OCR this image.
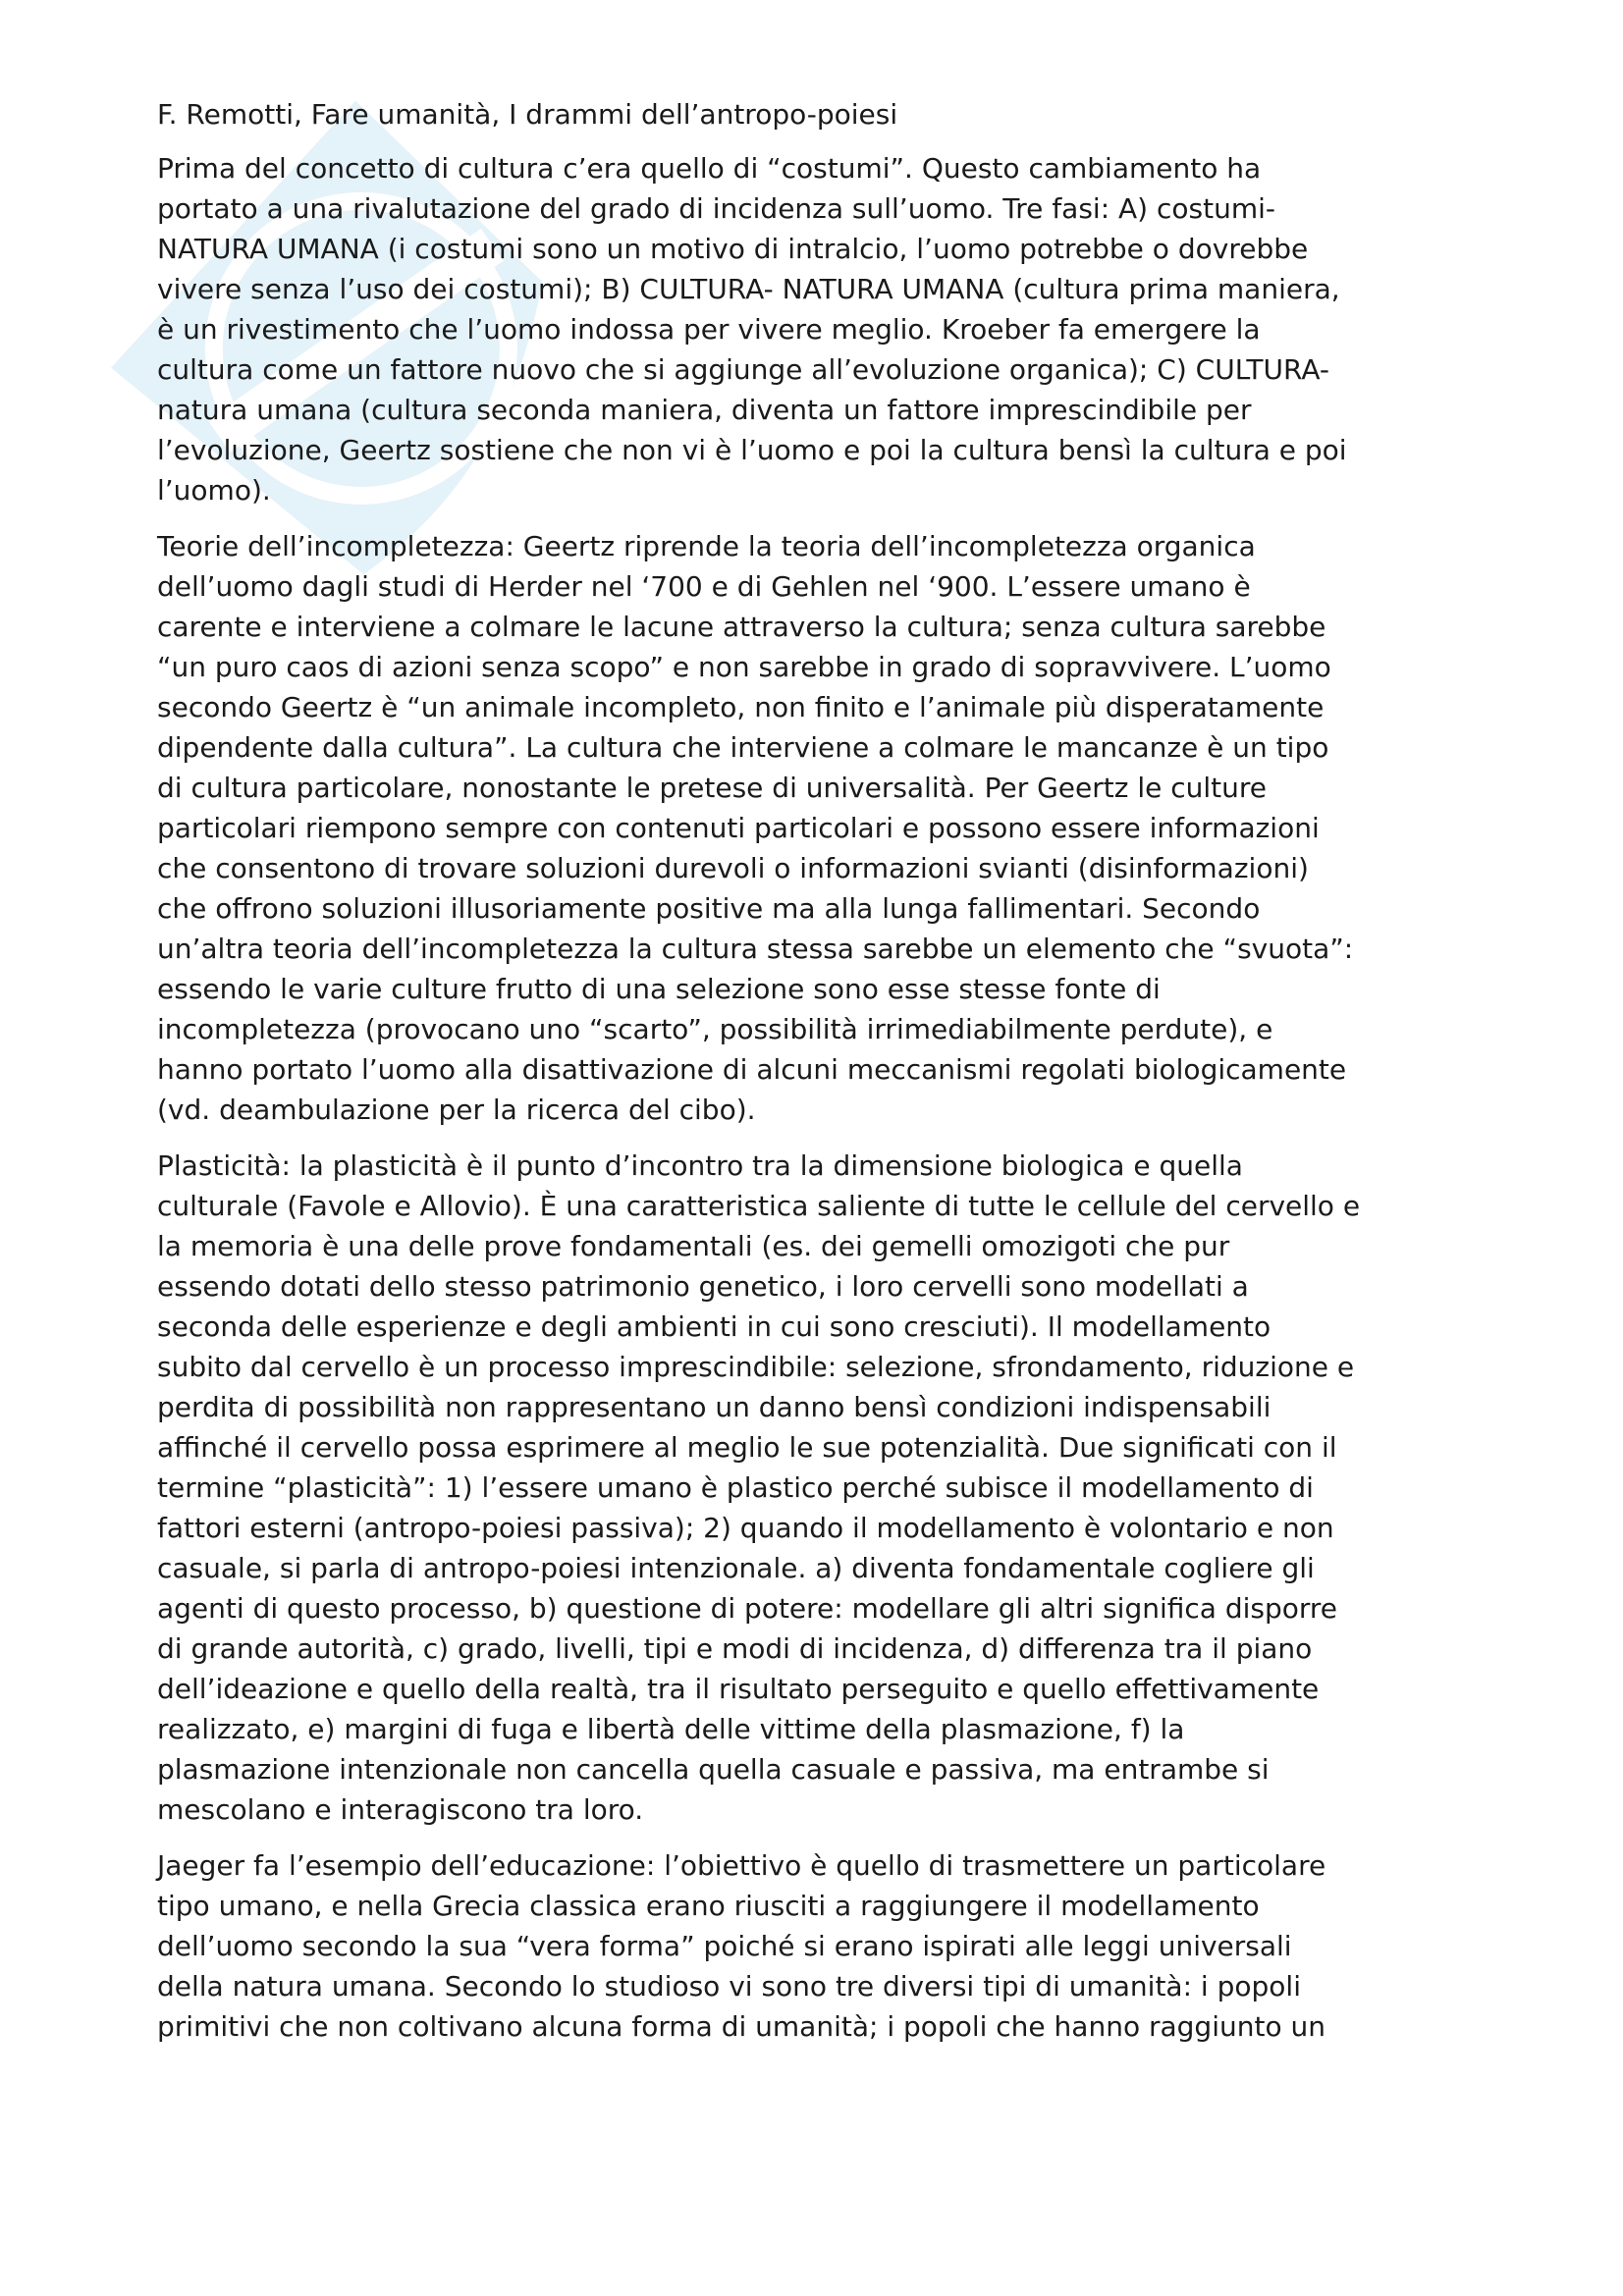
F. Remotti, Fare umanità, I drammi dell’antropo-poiesi

Prima del concetto di cultura c’era quello di “costumi”. Questo cambiamento ha
portato a una rivalutazione del grado di incidenza sull’uomo. Tre fasi: A) costumi-
NATURA UMANA (i costumi sono un motivo di intralcio, l’uomo potrebbe o dovrebbe
vivere senza l’uso dei costumi); B) CULTURA- NATURA UMANA (cultura prima maniera,
è un rivestimento che l’uomo indossa per vivere meglio. Kroeber fa emergere la
cultura come un fattore nuovo che si aggiunge all’evoluzione organica); C) CULTURA-
natura umana (cultura seconda maniera, diventa un fattore imprescindibile per
l’evoluzione, Geertz sostiene che non vi è l’uomo e poi la cultura bensì la cultura e poi
l’uomo).

Teorie dell’incompletezza: Geertz riprende la teoria dell’incompletezza organica
dell’uomo dagli studi di Herder nel ‘700 e di Gehlen nel ‘900. L’essere umano è
carente e interviene a colmare le lacune attraverso la cultura; senza cultura sarebbe
“un puro caos di azioni senza scopo” e non sarebbe in grado di sopravvivere. L’uomo
secondo Geertz è “un animale incompleto, non finito e l’animale più disperatamente
dipendente dalla cultura”. La cultura che interviene a colmare le mancanze è un tipo
di cultura particolare, nonostante le pretese di universalità. Per Geertz le culture
particolari riempono sempre con contenuti particolari e possono essere informazioni
che consentono di trovare soluzioni durevoli o informazioni svianti (disinformazioni)
che offrono soluzioni illusoriamente positive ma alla lunga fallimentari. Secondo
un’altra teoria dell’incompletezza la cultura stessa sarebbe un elemento che “svuota”:
essendo le varie culture frutto di una selezione sono esse stesse fonte di
incompletezza (provocano uno “scarto”, possibilità irrimediabilmente perdute), e
hanno portato l’uomo alla disattivazione di alcuni meccanismi regolati biologicamente
(vd. deambulazione per la ricerca del cibo).

Plasticità: la plasticità è il punto d’incontro tra la dimensione biologica e quella
culturale (Favole e Allovio). È una caratteristica saliente di tutte le cellule del cervello e
la memoria è una delle prove fondamentali (es. dei gemelli omozigoti che pur
essendo dotati dello stesso patrimonio genetico, i loro cervelli sono modellati a
seconda delle esperienze e degli ambienti in cui sono cresciuti). Il modellamento
subito dal cervello è un processo imprescindibile: selezione, sfrondamento, riduzione e
perdita di possibilità non rappresentano un danno bensì condizioni indispensabili
affinché il cervello possa esprimere al meglio le sue potenzialità. Due significati con il
termine “plasticità”: 1) l’essere umano è plastico perché subisce il modellamento di
fattori esterni (antropo-poiesi passiva); 2) quando il modellamento è volontario e non
casuale, si parla di antropo-poiesi intenzionale. a) diventa fondamentale cogliere gli
agenti di questo processo, b) questione di potere: modellare gli altri significa disporre
di grande autorità, c) grado, livelli, tipi e modi di incidenza, d) differenza tra il piano
dell’ideazione e quello della realtà, tra il risultato perseguito e quello effettivamente
realizzato, e) margini di fuga e libertà delle vittime della plasmazione, f) la
plasmazione intenzionale non cancella quella casuale e passiva, ma entrambe si
mescolano e interagiscono tra loro.

Jaeger fa l’esempio dell’educazione: l’obiettivo è quello di trasmettere un particolare
tipo umano, e nella Grecia classica erano riusciti a raggiungere il modellamento
dell’uomo secondo la sua “vera forma” poiché si erano ispirati alle leggi universali
della natura umana. Secondo lo studioso vi sono tre diversi tipi di umanità: i popoli
primitivi che non coltivano alcuna forma di umanità; i popoli che hanno raggiunto un
